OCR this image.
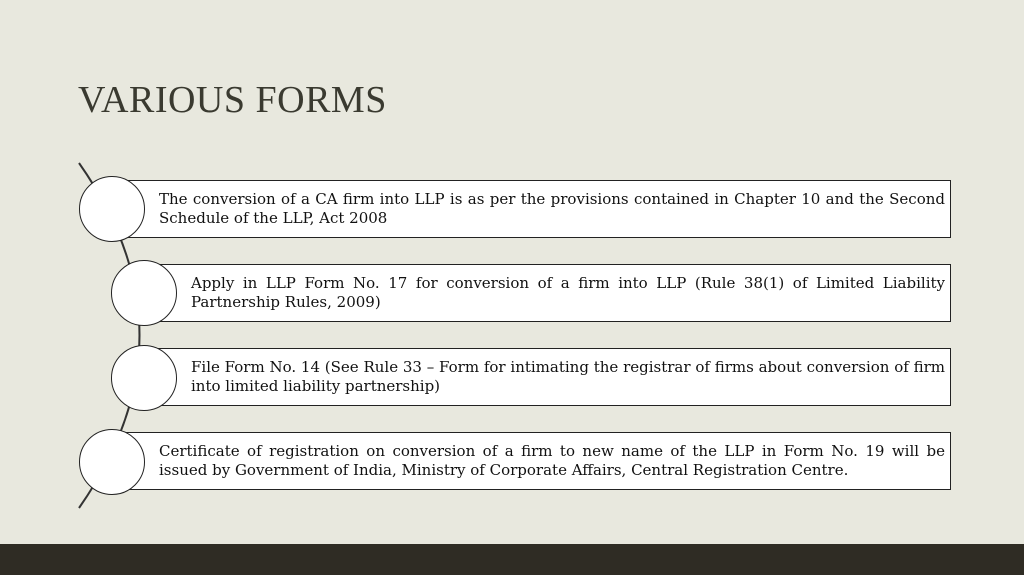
VARIOUS FORMS
The conversion of a CA firm into LLP is as per the provisions contained in Chapter 10 and the Second Schedule of the LLP, Act 2008
Apply in LLP Form No. 17 for conversion of a firm into LLP (Rule 38(1) of Limited Liability Partnership Rules, 2009)
File Form No. 14 (See Rule 33 – Form for intimating the registrar of firms about conversion of firm into limited liability partnership)
Certificate of registration on conversion of a firm to new name of the LLP in Form No. 19 will be issued by Government of India, Ministry of Corporate Affairs, Central Registration Centre.
